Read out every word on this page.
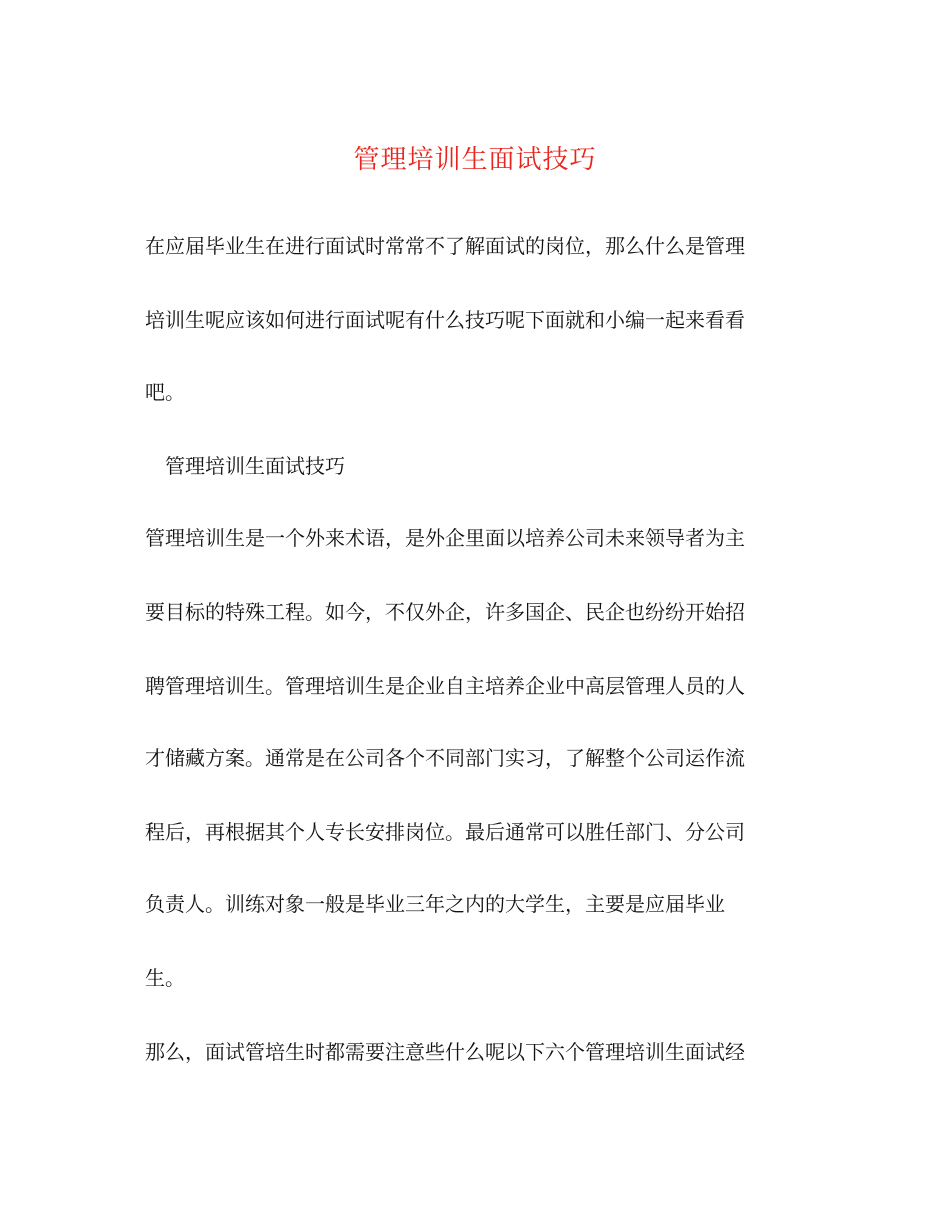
管理培训生面试技巧

在应届毕业生在进行面试时常常不了解面试的岗位，那么什么是管理

培训生呢应该如何进行面试呢有什么技巧呢下面就和小编一起来看看

吧。

管理培训生面试技巧

管理培训生是一个外来术语，是外企里面以培养公司未来领导者为主

要目标的特殊工程。如今，不仅外企，许多国企、民企也纷纷开始招

聘管理培训生。管理培训生是企业自主培养企业中高层管理人员的人

才储藏方案。通常是在公司各个不同部门实习，了解整个公司运作流

程后，再根据其个人专长安排岗位。最后通常可以胜任部门、分公司

负责人。训练对象一般是毕业三年之内的大学生，主要是应届毕业

生。

那么，面试管培生时都需要注意些什么呢以下六个管理培训生面试经
